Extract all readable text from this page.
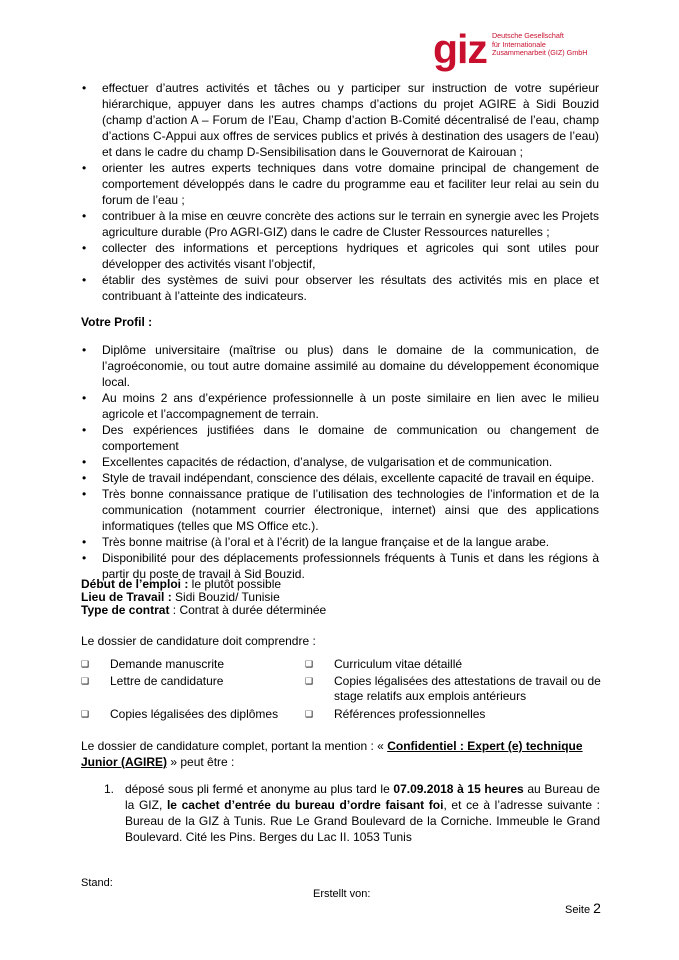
giz Deutsche Gesellschaft
für Internationale
Zusammenarbeit (GIZ) GmbH
• effectuer d’autres activités et tâches ou y participer sur instruction de votre supérieur hiérarchique, appuyer dans les autres champs d’actions du projet AGIRE à Sidi Bouzid (champ d’action A – Forum de l’Eau, Champ d’action B-Comité décentralisé de l’eau, champ d’actions C-Appui aux offres de services publics et privés à destination des usagers de l’eau) et dans le cadre du champ D-Sensibilisation dans le Gouvernorat de Kairouan ;
• orienter les autres experts techniques dans votre domaine principal de changement de comportement développés dans le cadre du programme eau et faciliter leur relai au sein du forum de l’eau ;
• contribuer à la mise en œuvre concrète des actions sur le terrain en synergie avec les Projets agriculture durable (Pro AGRI-GIZ) dans le cadre de Cluster Ressources naturelles ;
• collecter des informations et perceptions hydriques et agricoles qui sont utiles pour développer des activités visant l’objectif,
• établir des systèmes de suivi pour observer les résultats des activités mis en place et contribuant à l’atteinte des indicateurs.
Votre Profil :
• Diplôme universitaire (maîtrise ou plus) dans le domaine de la communication, de l’agroéconomie, ou tout autre domaine assimilé au domaine du développement économique local.
• Au moins 2 ans d’expérience professionnelle à un poste similaire en lien avec le milieu agricole et l’accompagnement de terrain.
• Des expériences justifiées dans le domaine de communication ou changement de comportement
• Excellentes capacités de rédaction, d’analyse, de vulgarisation et de communication.
• Style de travail indépendant, conscience des délais, excellente capacité de travail en équipe.
• Très bonne connaissance pratique de l’utilisation des technologies de l’information et de la communication (notamment courrier électronique, internet) ainsi que des applications informatiques (telles que MS Office etc.).
• Très bonne maitrise (à l’oral et à l’écrit) de la langue française et de la langue arabe.
• Disponibilité pour des déplacements professionnels fréquents à Tunis et dans les régions à partir du poste de travail à Sid Bouzid.
Début de l’emploi : le plutôt possible
Lieu de Travail : Sidi Bouzid/ Tunisie
Type de contrat : Contrat à durée déterminée
Le dossier de candidature doit comprendre :
❑	Demande manuscrite	❑	Curriculum vitae détaillé
❑	Lettre de candidature	❑	Copies légalisées des attestations de travail ou de stage relatifs aux emplois antérieurs
❑	Copies légalisées des diplômes	❑	Références professionnelles
Le dossier de candidature complet, portant la mention : « Confidentiel : Expert (e) technique Junior (AGIRE) » peut être :
1. déposé sous pli fermé et anonyme au plus tard le 07.09.2018 à 15 heures au Bureau de la GIZ, le cachet d’entrée du bureau d’ordre faisant foi, et ce à l’adresse suivante : Bureau de la GIZ à Tunis. Rue Le Grand Boulevard de la Corniche. Immeuble le Grand Boulevard. Cité les Pins. Berges du Lac II. 1053 Tunis
Stand:
Erstellt von:
Seite 2
